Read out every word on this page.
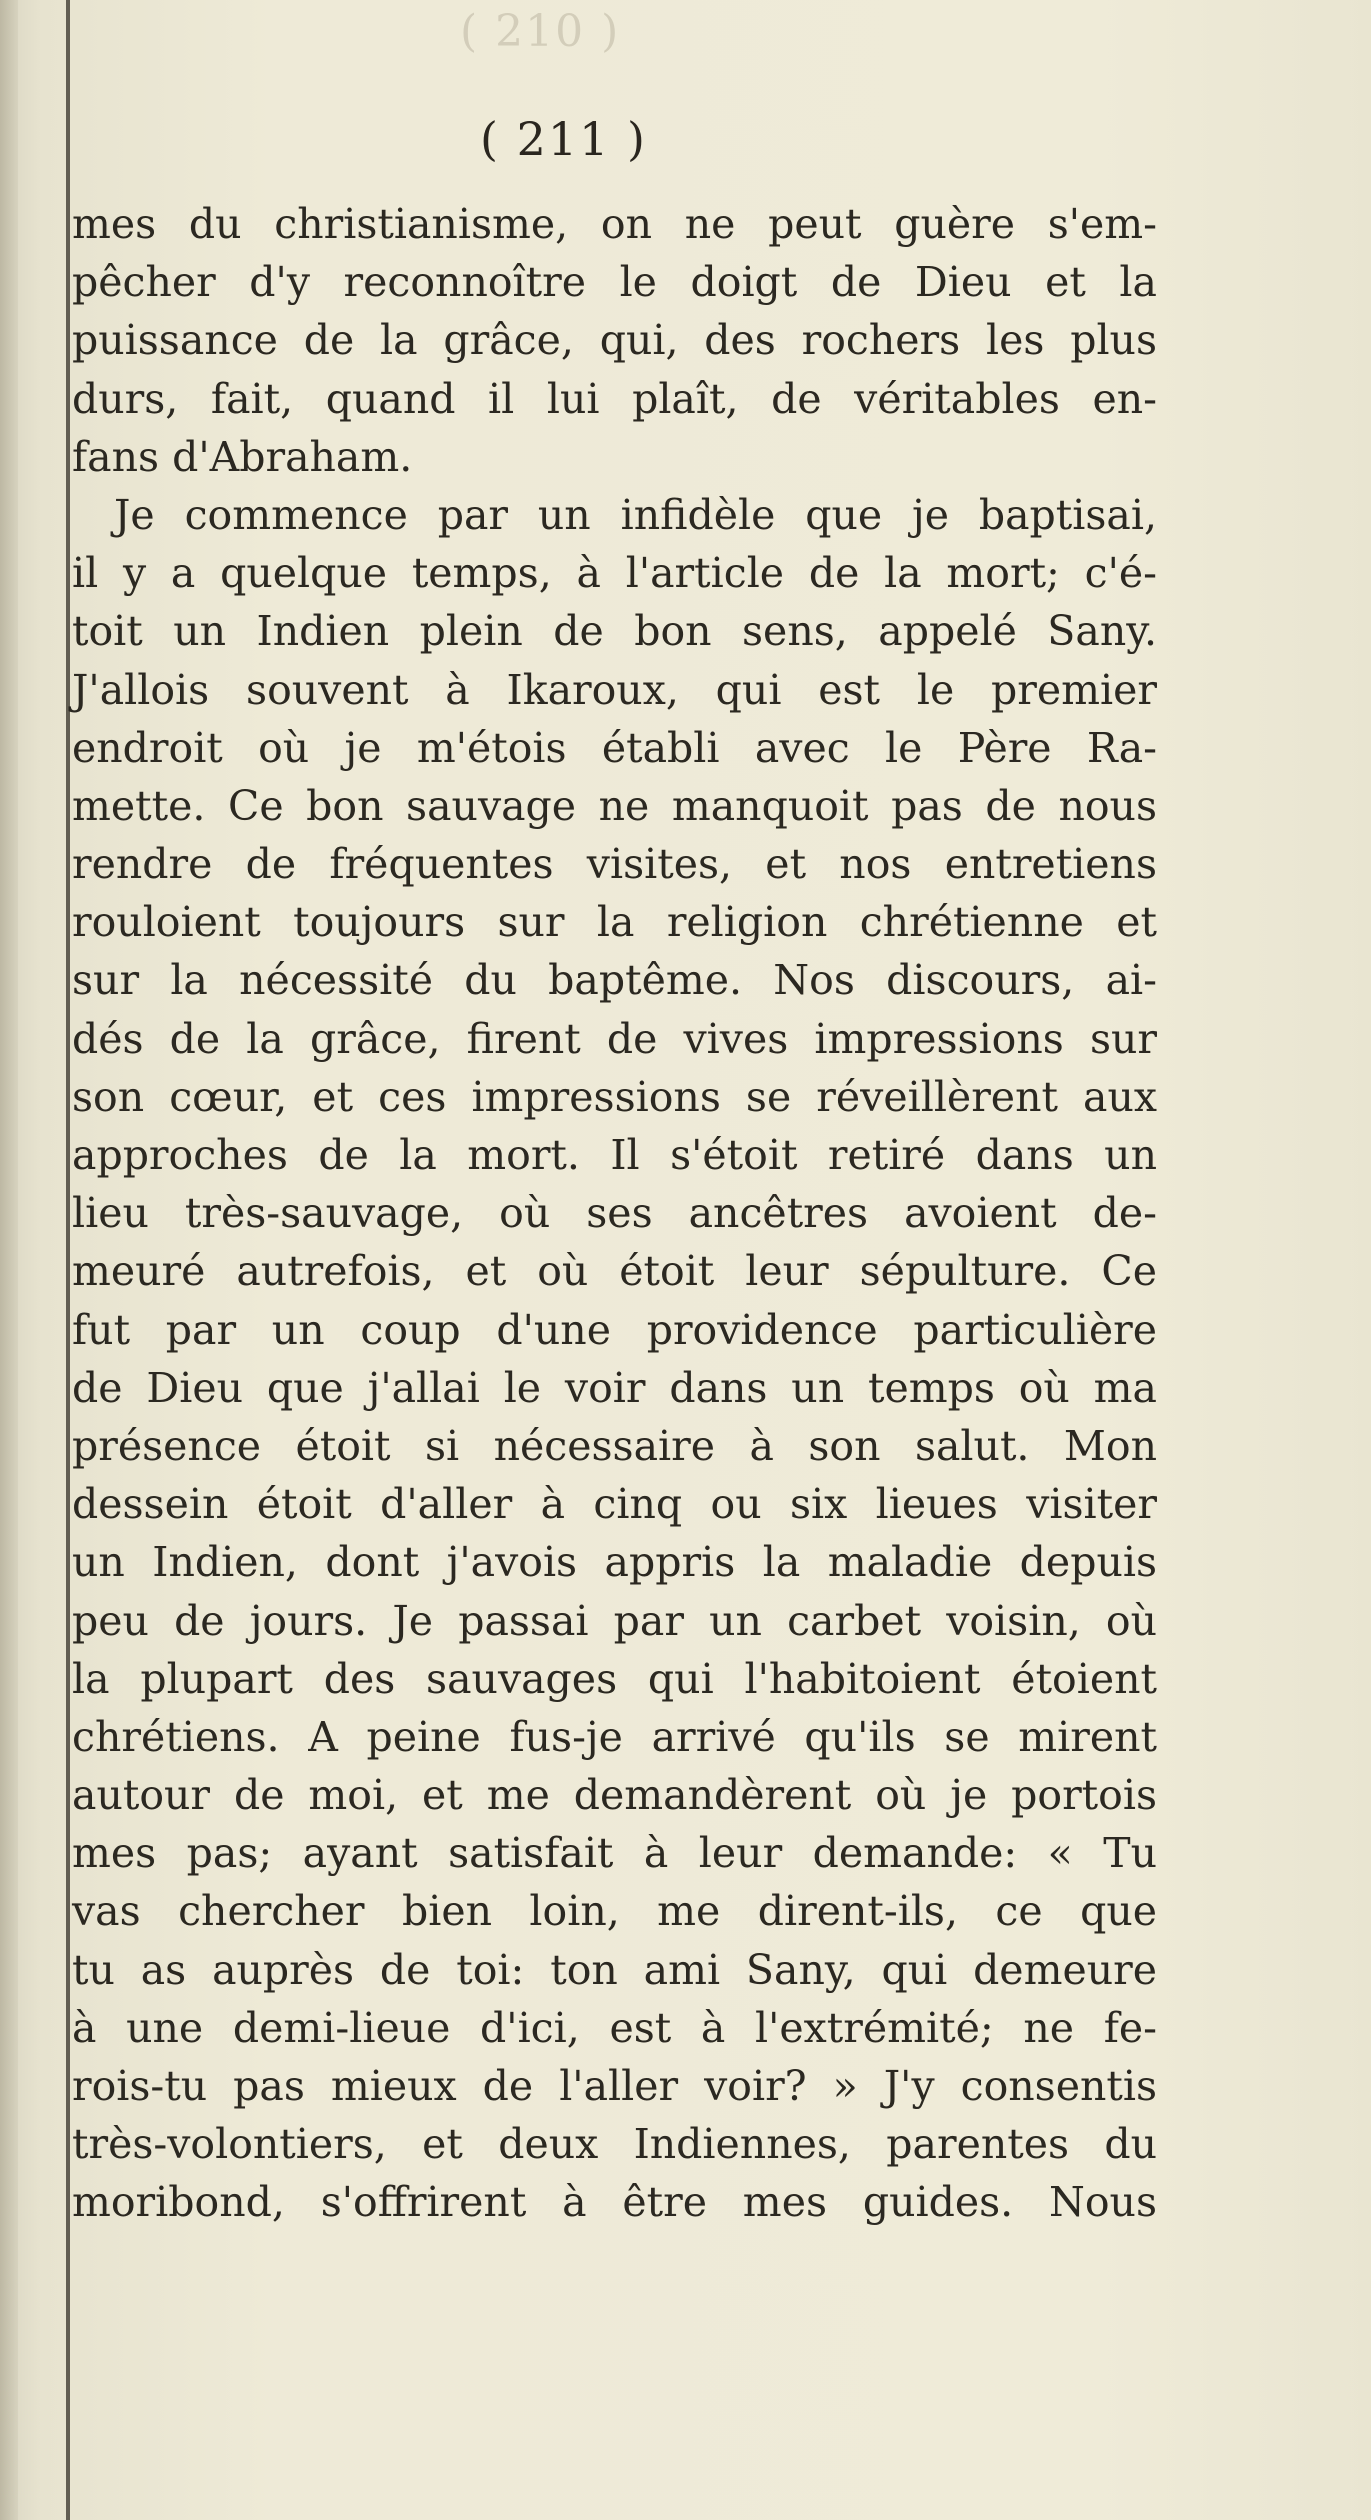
( 210 )
( 211 )
mes du christianisme, on ne peut guère s'em-
pêcher d'y reconnoître le doigt de Dieu et la
puissance de la grâce, qui, des rochers les plus
durs, fait, quand il lui plaît, de véritables en-
fans d'Abraham.
Je commence par un infidèle que je baptisai,
il y a quelque temps, à l'article de la mort; c'é-
toit un Indien plein de bon sens, appelé Sany.
J'allois souvent à Ikaroux, qui est le premier
endroit où je m'étois établi avec le Père Ra-
mette. Ce bon sauvage ne manquoit pas de nous
rendre de fréquentes visites, et nos entretiens
rouloient toujours sur la religion chrétienne et
sur la nécessité du baptême. Nos discours, ai-
dés de la grâce, firent de vives impressions sur
son cœur, et ces impressions se réveillèrent aux
approches de la mort. Il s'étoit retiré dans un
lieu très-sauvage, où ses ancêtres avoient de-
meuré autrefois, et où étoit leur sépulture. Ce
fut par un coup d'une providence particulière
de Dieu que j'allai le voir dans un temps où ma
présence étoit si nécessaire à son salut. Mon
dessein étoit d'aller à cinq ou six lieues visiter
un Indien, dont j'avois appris la maladie depuis
peu de jours. Je passai par un carbet voisin, où
la plupart des sauvages qui l'habitoient étoient
chrétiens. A peine fus-je arrivé qu'ils se mirent
autour de moi, et me demandèrent où je portois
mes pas; ayant satisfait à leur demande: « Tu
vas chercher bien loin, me dirent-ils, ce que
tu as auprès de toi: ton ami Sany, qui demeure
à une demi-lieue d'ici, est à l'extrémité; ne fe-
rois-tu pas mieux de l'aller voir? » J'y consentis
très-volontiers, et deux Indiennes, parentes du
moribond, s'offrirent à être mes guides. Nous
